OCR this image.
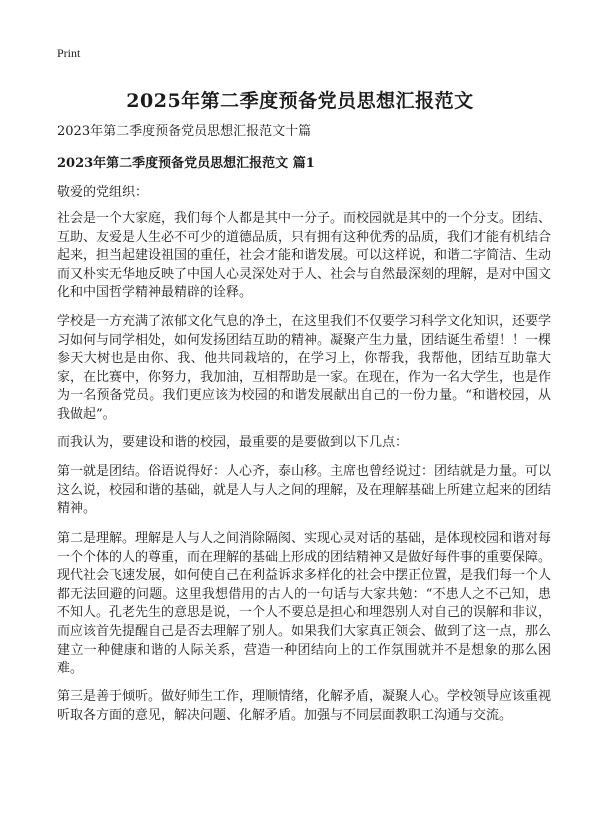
Print
2025年第二季度预备党员思想汇报范文
2023年第二季度预备党员思想汇报范文十篇
2023年第二季度预备党员思想汇报范文 篇1
敬爱的党组织：

社会是一个大家庭，我们每个人都是其中一分子。而校园就是其中的一个分支。团结、互助、友爱是人生必不可少的道德品质，只有拥有这种优秀的品质，我们才能有机结合起来，担当起建设祖国的重任，社会才能和谐发展。可以这样说，和谐二字简洁、生动而又朴实无华地反映了中国人心灵深处对于人、社会与自然最深刻的理解，是对中国文化和中国哲学精神最精辟的诠释。

学校是一方充满了浓郁文化气息的净土，在这里我们不仅要学习科学文化知识，还要学习如何与同学相处，如何发扬团结互助的精神。凝聚产生力量，团结诞生希望！！一棵参天大树也是由你、我、他共同栽培的，在学习上，你帮我，我帮他，团结互助靠大家，在比赛中，你努力，我加油，互相帮助是一家。在现在，作为一名大学生，也是作为一名预备党员。我们更应该为校园的和谐发展献出自己的一份力量。“和谐校园，从我做起”。

而我认为，要建设和谐的校园，最重要的是要做到以下几点：

第一就是团结。俗语说得好：人心齐，泰山移。主席也曾经说过：团结就是力量。可以这么说，校园和谐的基础，就是人与人之间的理解，及在理解基础上所建立起来的团结精神。

第二是理解。理解是人与人之间消除隔阂、实现心灵对话的基础，是体现校园和谐对每一个个体的人的尊重，而在理解的基础上形成的团结精神又是做好每件事的重要保障。现代社会飞速发展，如何使自己在利益诉求多样化的社会中摆正位置，是我们每一个人都无法回避的问题。这里我想借用的古人的一句话与大家共勉：“不患人之不己知，患不知人。孔老先生的意思是说，一个人不要总是担心和埋怨别人对自己的误解和非议，而应该首先提醒自己是否去理解了别人。如果我们大家真正领会、做到了这一点，那么建立一种健康和谐的人际关系，营造一种团结向上的工作氛围就并不是想象的那么困难。

第三是善于倾听。做好师生工作，理顺情绪，化解矛盾，凝聚人心。学校领导应该重视听取各方面的意见，解决问题、化解矛盾。加强与不同层面教职工沟通与交流。
